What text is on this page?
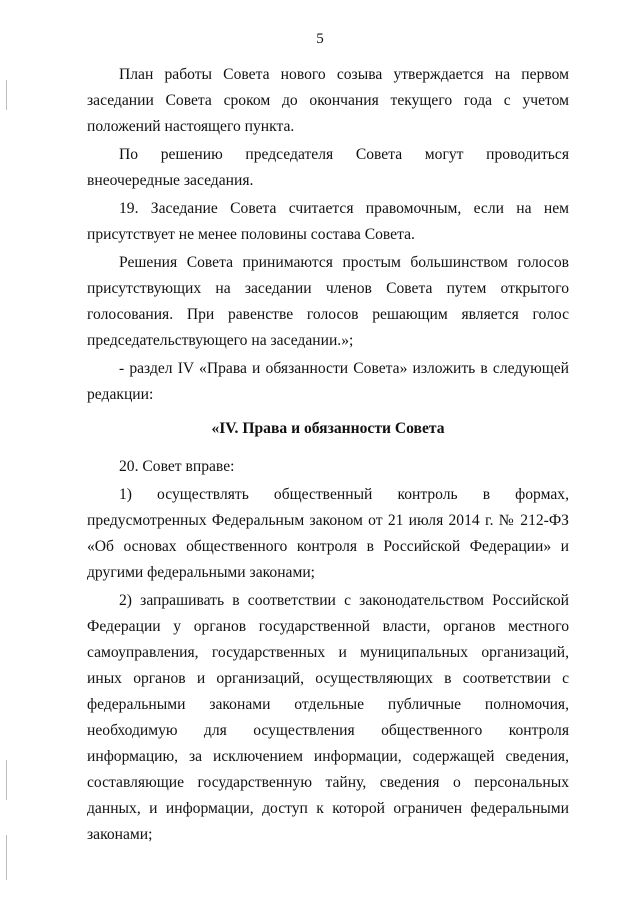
5

План работы Совета нового созыва утверждается на первом заседании Совета сроком до окончания текущего года с учетом положений настоящего пункта.

По решению председателя Совета могут проводиться внеочередные заседания.

19. Заседание Совета считается правомочным, если на нем присутствует не менее половины состава Совета.

Решения Совета принимаются простым большинством голосов присутствующих на заседании членов Совета путем открытого голосования. При равенстве голосов решающим является голос председательствующего на заседании.»;

- раздел IV «Права и обязанности Совета» изложить в следующей редакции:

«IV. Права и обязанности Совета

20. Совет вправе:

1) осуществлять общественный контроль в формах, предусмотренных Федеральным законом от 21 июля 2014 г. № 212-ФЗ «Об основах общественного контроля в Российской Федерации» и другими федеральными законами;

2) запрашивать в соответствии с законодательством Российской Федерации у органов государственной власти, органов местного самоуправления, государственных и муниципальных организаций, иных органов и организаций, осуществляющих в соответствии с федеральными законами отдельные публичные полномочия, необходимую для осуществления общественного контроля информацию, за исключением информации, содержащей сведения, составляющие государственную тайну, сведения о персональных данных, и информации, доступ к которой ограничен федеральными законами;
